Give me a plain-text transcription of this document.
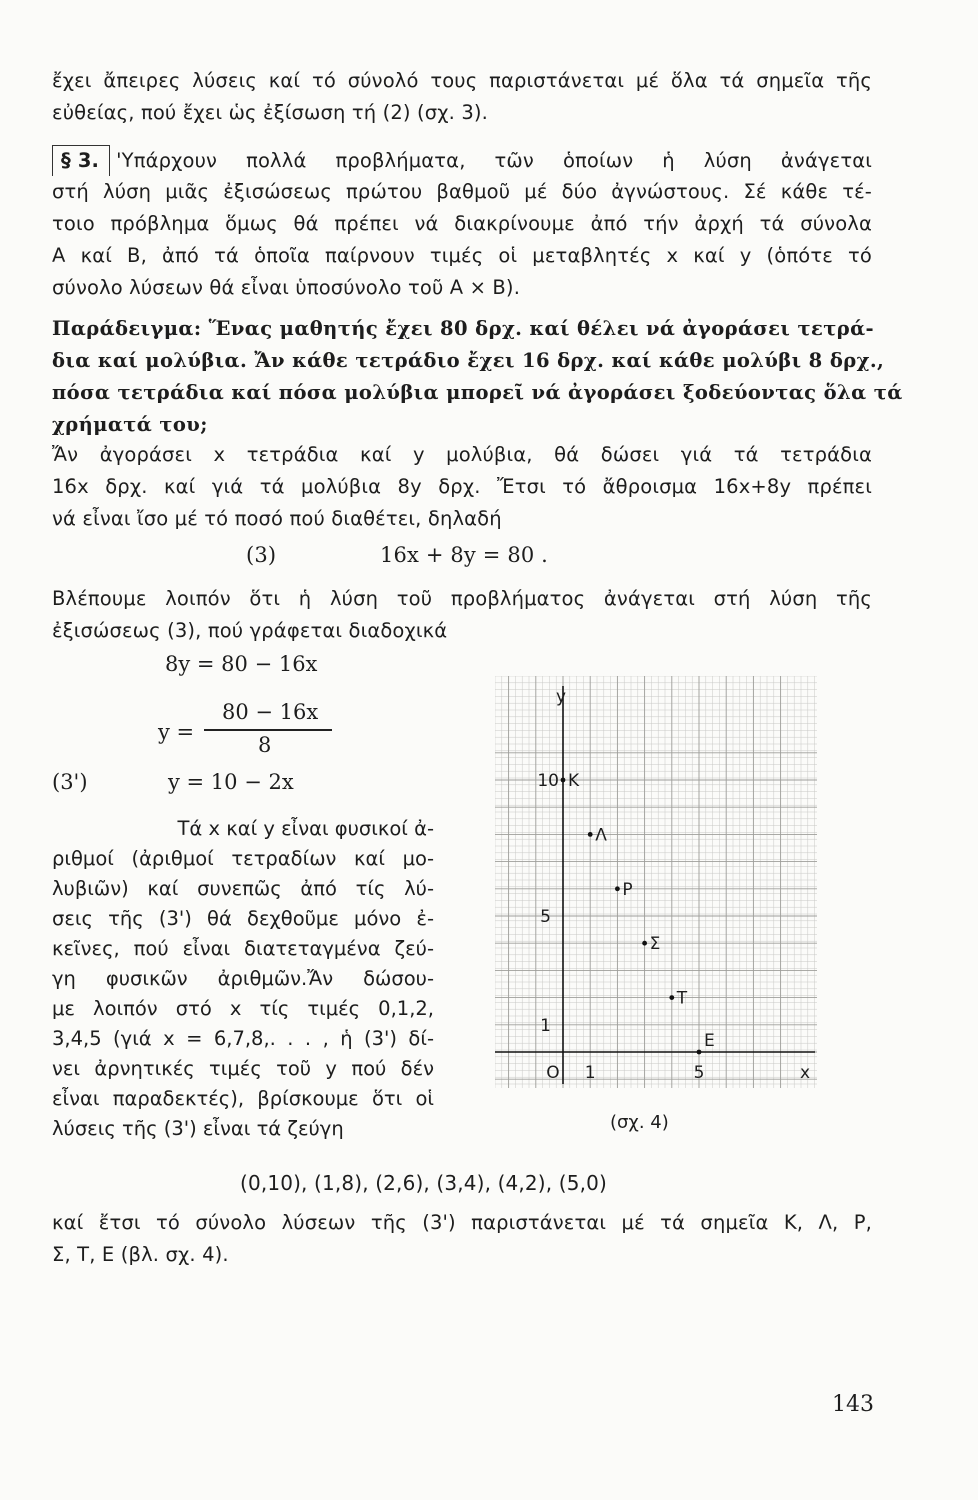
ἔχει ἄπειρες λύσεις καί τό σύνολό τους παριστάνεται μέ ὅλα τά σημεῖα τῆς
εὐθείας, πού ἔχει ὡς ἐξίσωση τή (2) (σχ. 3).
§ 3. 'Υπάρχουν πολλά προβλήματα, τῶν ὁποίων ἡ λύση ἀνάγεται
στή λύση μιᾶς ἐξισώσεως πρώτου βαθμοῦ μέ δύο ἀγνώστους. Σέ κάθε τέ-
τοιο πρόβλημα ὅμως θά πρέπει νά διακρίνουμε ἀπό τήν ἀρχή τά σύνολα
Α καί Β, ἀπό τά ὁποῖα παίρνουν τιμές οἱ μεταβλητές x καί y (ὁπότε τό
σύνολο λύσεων θά εἶναι ὑποσύνολο τοῦ Α × Β).
Παράδειγμα: Ἕνας μαθητής ἔχει 80 δρχ. καί θέλει νά ἀγοράσει τετρά-
δια καί μολύβια. Ἄν κάθε τετράδιο ἔχει 16 δρχ. καί κάθε μολύβι 8 δρχ.,
πόσα τετράδια καί πόσα μολύβια μπορεῖ νά ἀγοράσει ξοδεύοντας ὅλα τά
χρήματά του;
Ἄν ἀγοράσει x τετράδια καί y μολύβια, θά δώσει γιά τά τετράδια
16x δρχ. καί γιά τά μολύβια 8y δρχ. Ἔτσι τό ἄθροισμα 16x+8y πρέπει
νά εἶναι ἴσο μέ τό ποσό πού διαθέτει, δηλαδή
(3)	16x + 8y = 80 .
Βλέπουμε λοιπόν ὅτι ἡ λύση τοῦ προβλήματος ἀνάγεται στή λύση τῆς
ἐξισώσεως (3), πού γράφεται διαδοχικά
8y = 80 − 16x
y =
80 − 16x
8
(3')	y = 10 − 2x
Τά x καί y εἶναι φυσικοί ἀ-
ριθμοί (ἀριθμοί τετραδίων καί μο-
λυβιῶν) καί συνεπῶς ἀπό τίς λύ-
σεις τῆς (3') θά δεχθοῦμε μόνο ἐ-
κεῖνες, πού εἶναι διατεταγμένα ζεύ-
γη φυσικῶν ἀριθμῶν.Ἄν δώσου-
με λοιπόν στό x τίς τιμές 0,1,2,
3,4,5 (γιά x = 6,7,8,. . . , ἡ (3') δί-
νει ἀρνητικές τιμές τοῦ y πού δέν
εἶναι παραδεκτές), βρίσκουμε ὅτι οἱ
λύσεις τῆς (3') εἶναι τά ζεύγη
y
x
O 1	5
1
5
10 Κ
Λ
Ρ
Σ
Τ
Ε
(σχ. 4)
(0,10), (1,8), (2,6), (3,4), (4,2), (5,0)
καί ἔτσι τό σύνολο λύσεων τῆς (3') παριστάνεται μέ τά σημεῖα Κ, Λ, Ρ,
Σ, Τ, Ε (βλ. σχ. 4).
143
